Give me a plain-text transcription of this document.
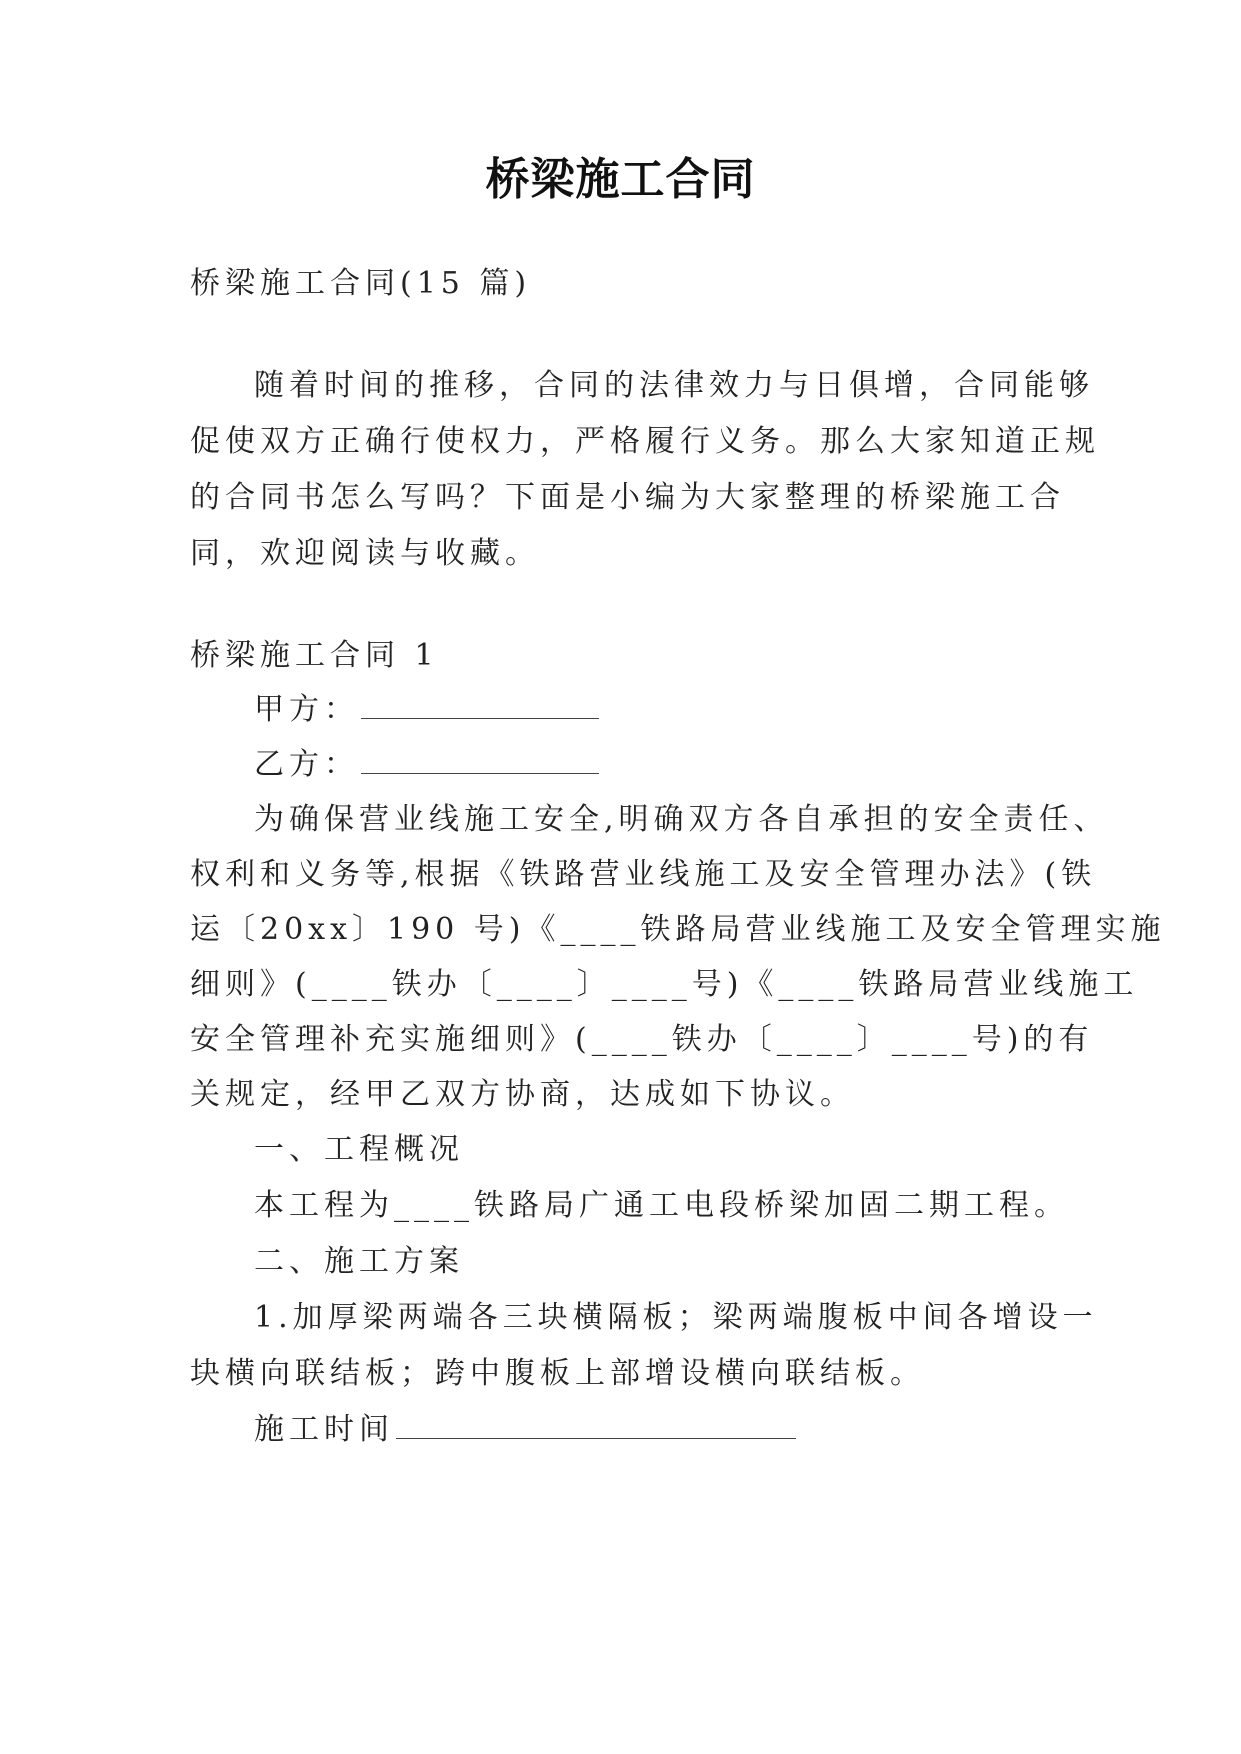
桥梁施工合同
桥梁施工合同(15 篇)
随着时间的推移，合同的法律效力与日俱增，合同能够
促使双方正确行使权力，严格履行义务。那么大家知道正规
的合同书怎么写吗？下面是小编为大家整理的桥梁施工合
同，欢迎阅读与收藏。
桥梁施工合同 1
甲方：
乙方：
为确保营业线施工安全,明确双方各自承担的安全责任、
权利和义务等,根据《铁路营业线施工及安全管理办法》(铁
运〔20xx〕190 号)《____铁路局营业线施工及安全管理实施
细则》(____铁办〔____〕____号)《____铁路局营业线施工
安全管理补充实施细则》(____铁办〔____〕____号)的有
关规定，经甲乙双方协商，达成如下协议。
一、工程概况
本工程为____铁路局广通工电段桥梁加固二期工程。
二、施工方案
1.加厚梁两端各三块横隔板；梁两端腹板中间各增设一
块横向联结板；跨中腹板上部增设横向联结板。
施工时间
